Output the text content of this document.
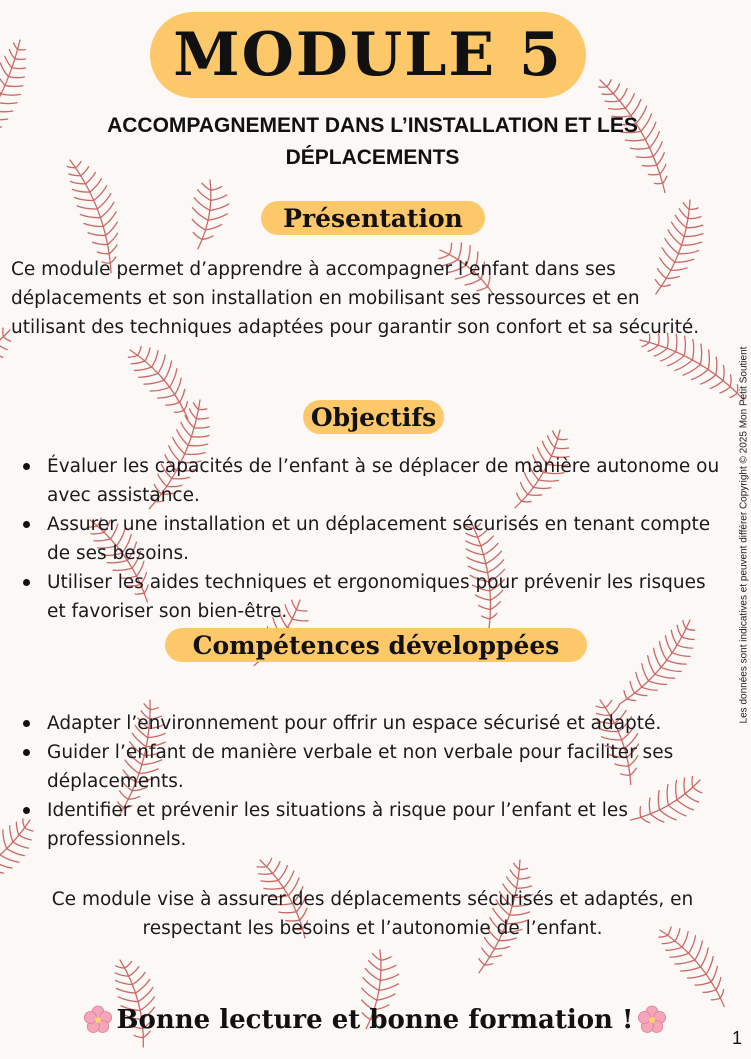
MODULE 5
ACCOMPAGNEMENT DANS L’INSTALLATION ET LES DÉPLACEMENTS
Présentation
Ce module permet d’apprendre à accompagner l’enfant dans ses déplacements et son installation en mobilisant ses ressources et en utilisant des techniques adaptées pour garantir son confort et sa sécurité.
Objectifs
Évaluer les capacités de l’enfant à se déplacer de manière autonome ou avec assistance.
Assurer une installation et un déplacement sécurisés en tenant compte de ses besoins.
Utiliser les aides techniques et ergonomiques pour prévenir les risques et favoriser son bien-être.
Compétences développées
Adapter l’environnement pour offrir un espace sécurisé et adapté.
Guider l’enfant de manière verbale et non verbale pour faciliter ses déplacements.
Identifier et prévenir les situations à risque pour l’enfant et les professionnels.
Ce module vise à assurer des déplacements sécurisés et adaptés, en respectant les besoins et l’autonomie de l’enfant.
Bonne lecture et bonne formation !
Les données sont indicatives et peuvent différer Copyright © 2025 Mon Petit Soutient
1
